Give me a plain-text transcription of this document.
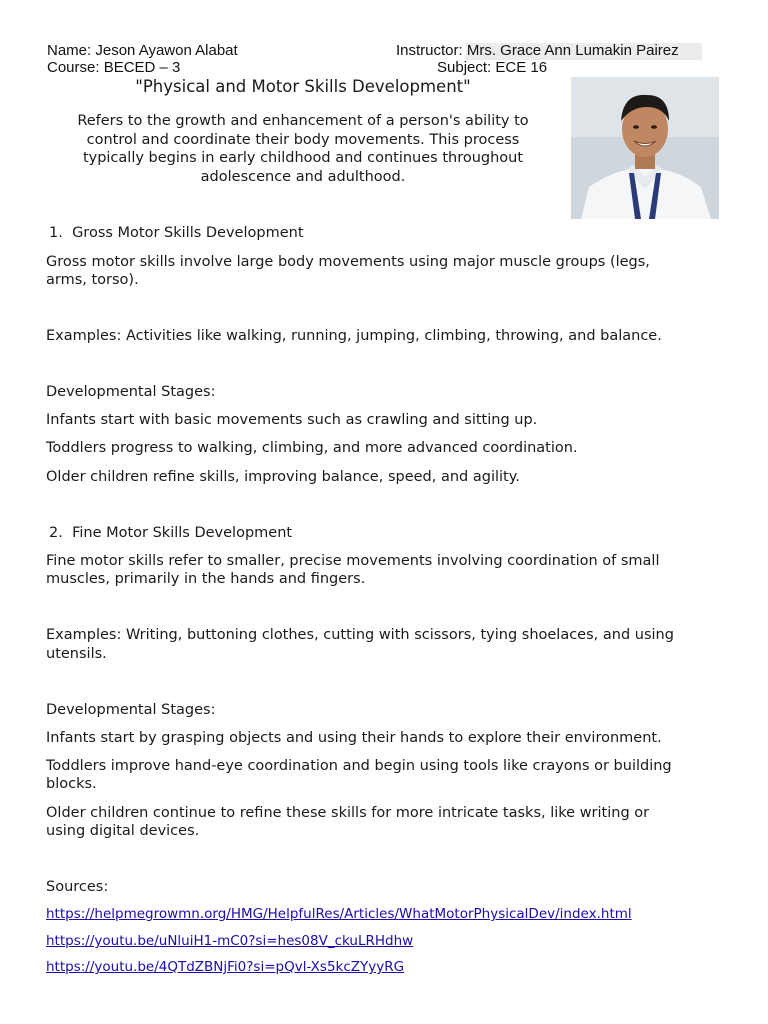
Name: Jeson Ayawon Alabat	Instructor: Mrs. Grace Ann Lumakin Pairez
Course: BECED – 3	Subject: ECE 16
"Physical and Motor Skills Development"
Refers to the growth and enhancement of a person's ability to
control and coordinate their body movements. This process
typically begins in early childhood and continues throughout
adolescence and adulthood.
1. Gross Motor Skills Development
Gross motor skills involve large body movements using major muscle groups (legs,
arms, torso).
Examples: Activities like walking, running, jumping, climbing, throwing, and balance.
Developmental Stages:
Infants start with basic movements such as crawling and sitting up.
Toddlers progress to walking, climbing, and more advanced coordination.
Older children refine skills, improving balance, speed, and agility.
2. Fine Motor Skills Development
Fine motor skills refer to smaller, precise movements involving coordination of small
muscles, primarily in the hands and fingers.
Examples: Writing, buttoning clothes, cutting with scissors, tying shoelaces, and using
utensils.
Developmental Stages:
Infants start by grasping objects and using their hands to explore their environment.
Toddlers improve hand-eye coordination and begin using tools like crayons or building
blocks.
Older children continue to refine these skills for more intricate tasks, like writing or
using digital devices.
Sources:
https://helpmegrowmn.org/HMG/HelpfulRes/Articles/WhatMotorPhysicalDev/index.html
https://youtu.be/uNluiH1-mC0?si=hes08V_ckuLRHdhw
https://youtu.be/4QTdZBNjFi0?si=pQvl-Xs5kcZYyyRG
